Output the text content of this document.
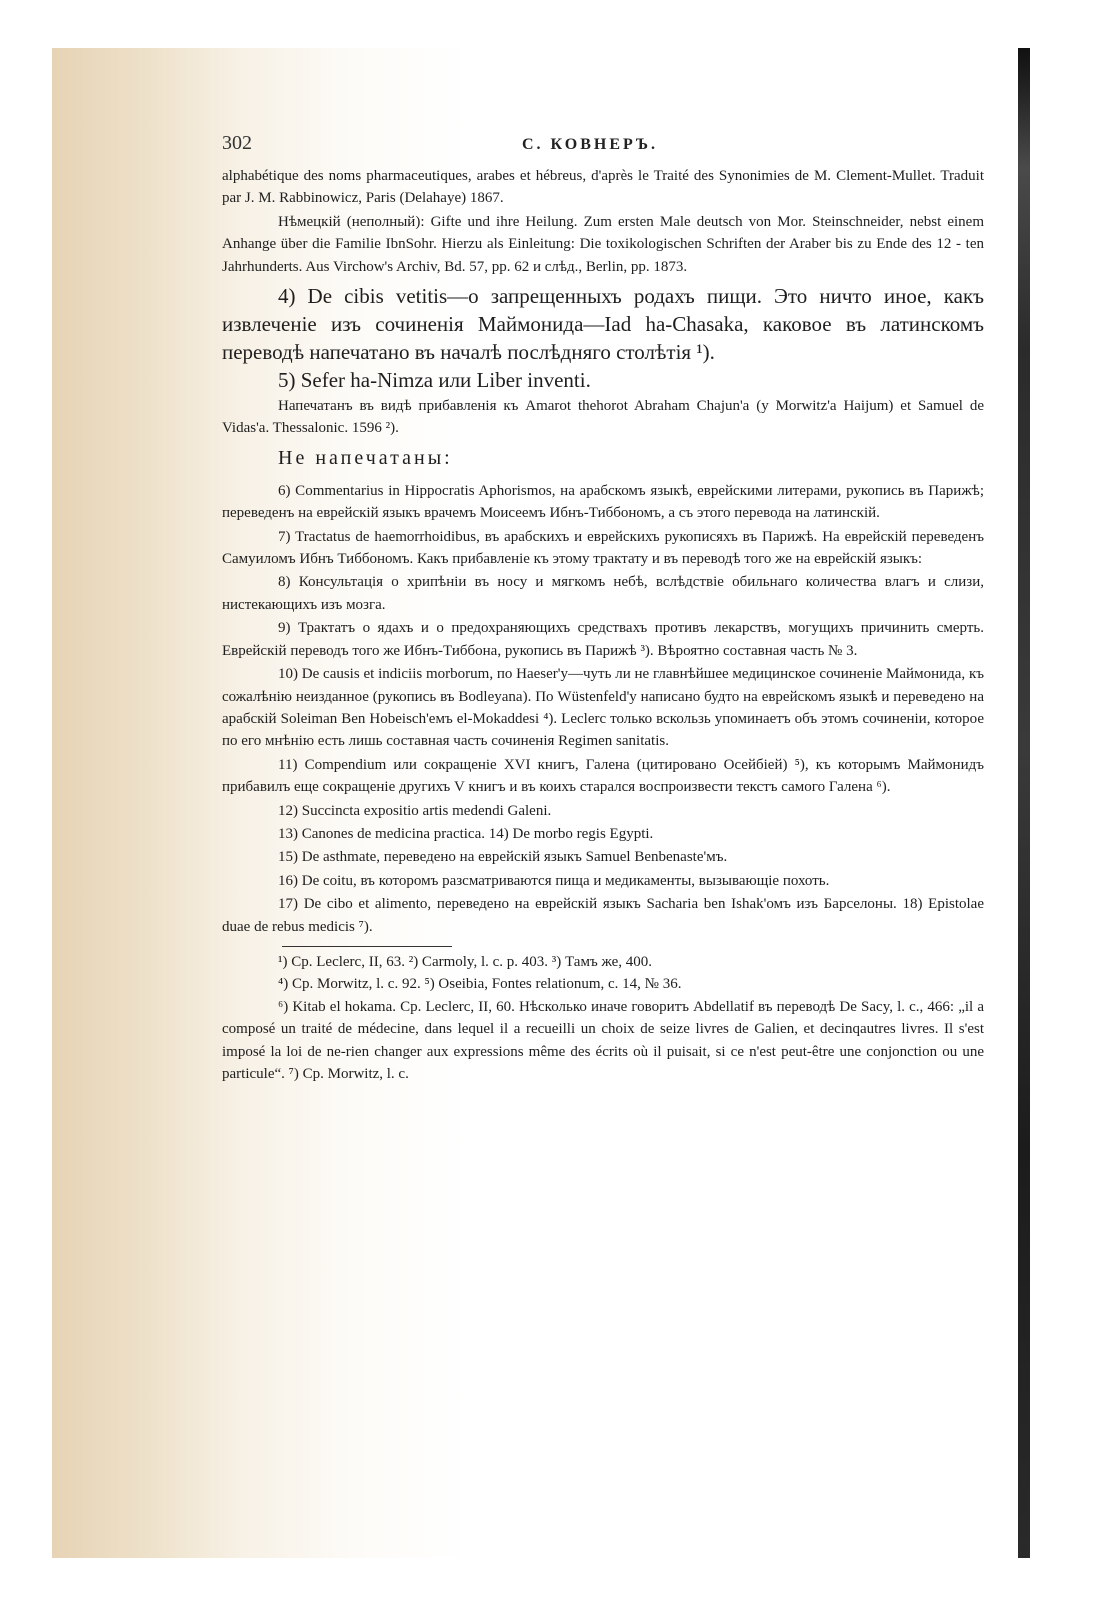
302	С. КОВНЕРЪ.

alphabétique des noms pharmaceutiques, arabes et hébreus, d'après le Traité des Synonimies de M. Clement-Mullet. Traduit par J. M. Rabbinowicz, Paris (Delahaye) 1867.

Нѣмецкій (неполный): Gifte und ihre Heilung. Zum ersten Male deutsch von Mor. Steinschneider, nebst einem Anhange über die Familie IbnSohr. Hierzu als Einleitung: Die toxikologischen Schriften der Araber bis zu Ende des 12 - ten Jahrhunderts. Aus Virchow's Archiv, Bd. 57, pp. 62 и слѣд., Berlin, pp. 1873.

4) De cibis vetitis—о запрещенныхъ родахъ пищи. Это ничто иное, какъ извлеченіе изъ сочиненія Маймонида—Iad ha-Chasaka, каковое въ латинскомъ переводѣ напечатано въ началѣ послѣдняго столѣтія ¹).

5) Sefer ha-Nimza или Liber inventi.

Напечатанъ въ видѣ прибавленія къ Amarot thehorot Abraham Chajun'a (у Morwitz'a Haijum) et Samuel de Vidas'a. Thessalonic. 1596 ²).

Не напечатаны:

6) Commentarius in Hippocratis Aphorismos, на арабскомъ языкѣ, еврейскими литерами, рукопись въ Парижѣ; переведенъ на еврейскій языкъ врачемъ Моисеемъ Ибнъ-Тиббономъ, а съ этого перевода на латинскій.

7) Tractatus de haemorrhoidibus, въ арабскихъ и еврейскихъ рукописяхъ въ Парижѣ. На еврейскій переведенъ Самуиломъ Ибнъ Тиббономъ. Какъ прибавленіе къ этому трактату и въ переводѣ того же на еврейскій языкъ:

8) Консультація о хрипѣніи въ носу и мягкомъ небѣ, вслѣдствіе обильнаго количества влагъ и слизи, нистекающихъ изъ мозга.

9) Трактатъ о ядахъ и о предохраняющихъ средствахъ противъ лекарствъ, могущихъ причинить смерть. Еврейскій переводъ того же Ибнъ-Тиббона, рукопись въ Парижѣ ³). Вѣроятно составная часть № 3.

10) De causis et indiciis morborum, по Haeser'у—чуть ли не главнѣйшее медицинское сочиненіе Маймонида, къ сожалѣнію неизданное (рукопись въ Bodleyana). По Wüstenfeld'у написано будто на еврейскомъ языкѣ и переведено на арабскій Soleiman Ben Hobeisch'емъ el-Mokaddesi ⁴). Leclerc только вскользь упоминаетъ объ этомъ сочиненіи, которое по его мнѣнію есть лишь составная часть сочиненія Regimen sanitatis.

11) Compendium или сокращеніе XVI книгъ, Галена (цитировано Осейбіей) ⁵), къ которымъ Маймонидъ прибавилъ еще сокращеніе другихъ V книгъ и въ коихъ старался воспроизвести текстъ самого Галена ⁶).

12) Succincta expositio artis medendi Galeni.

13) Canones de medicina practica. 14) De morbo regis Egypti.

15) De asthmate, переведено на еврейскій языкъ Samuel Benbenaste'мъ.

16) De coitu, въ которомъ разсматриваются пища и медикаменты, вызывающіе похоть.

17) De cibo et alimento, переведено на еврейскій языкъ Sacharia ben Ishak'омъ изъ Барселоны. 18) Epistolae duae de rebus medicis ⁷).

¹) Ср. Leclerc, II, 63. ²) Carmoly, l. c. p. 403. ³) Тамъ же, 400.

⁴) Ср. Morwitz, l. c. 92. ⁵) Oseibia, Fontes relationum, c. 14, № 36.

⁶) Kitab el hokama. Ср. Leclerc, II, 60. Нѣсколько иначе говоритъ Abdellatif въ переводѣ De Sacy, l. c., 466: „il a composé un traité de médecine, dans lequel il a recueilli un choix de seize livres de Galien, et decinqautres livres. Il s'est imposé la loi de ne-rien changer aux expressions même des écrits où il puisait, si ce n'est peut-être une conjonction ou une particule“. ⁷) Ср. Morwitz, l. c.
